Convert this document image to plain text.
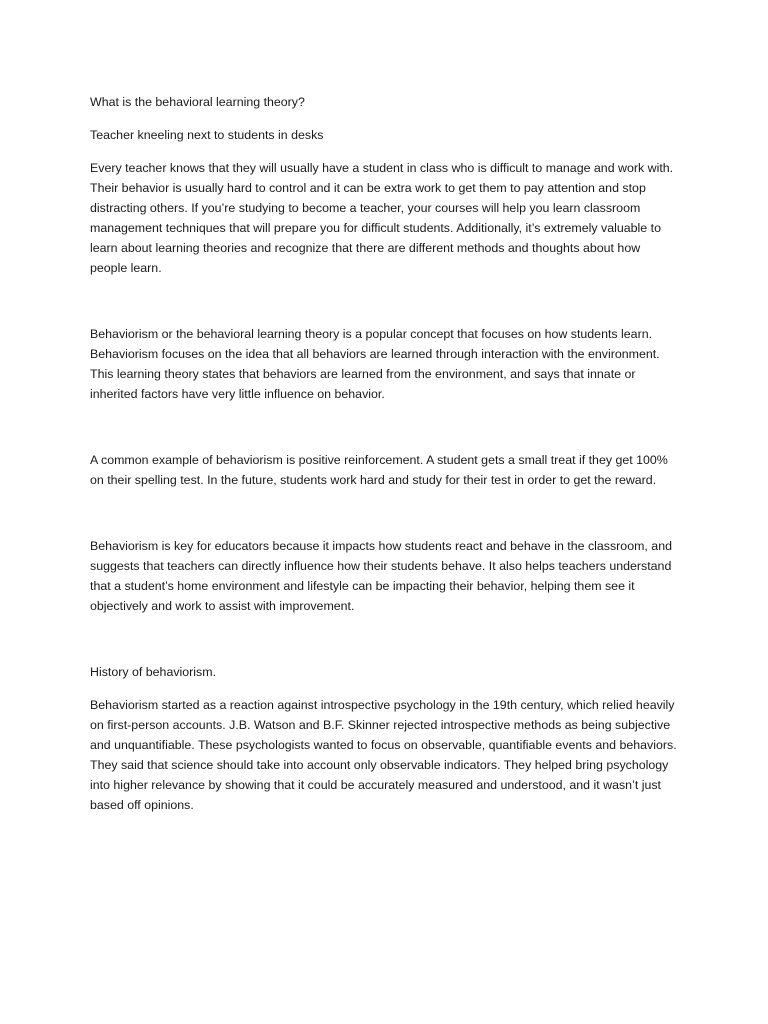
What is the behavioral learning theory?

Teacher kneeling next to students in desks

Every teacher knows that they will usually have a student in class who is difficult to manage and work with. Their behavior is usually hard to control and it can be extra work to get them to pay attention and stop distracting others. If you’re studying to become a teacher, your courses will help you learn classroom management techniques that will prepare you for difficult students. Additionally, it’s extremely valuable to learn about learning theories and recognize that there are different methods and thoughts about how people learn.

Behaviorism or the behavioral learning theory is a popular concept that focuses on how students learn. Behaviorism focuses on the idea that all behaviors are learned through interaction with the environment. This learning theory states that behaviors are learned from the environment, and says that innate or inherited factors have very little influence on behavior.

A common example of behaviorism is positive reinforcement. A student gets a small treat if they get 100% on their spelling test. In the future, students work hard and study for their test in order to get the reward.

Behaviorism is key for educators because it impacts how students react and behave in the classroom, and suggests that teachers can directly influence how their students behave. It also helps teachers understand that a student’s home environment and lifestyle can be impacting their behavior, helping them see it objectively and work to assist with improvement.

History of behaviorism.

Behaviorism started as a reaction against introspective psychology in the 19th century, which relied heavily on first-person accounts. J.B. Watson and B.F. Skinner rejected introspective methods as being subjective and unquantifiable. These psychologists wanted to focus on observable, quantifiable events and behaviors. They said that science should take into account only observable indicators. They helped bring psychology into higher relevance by showing that it could be accurately measured and understood, and it wasn’t just based off opinions.
